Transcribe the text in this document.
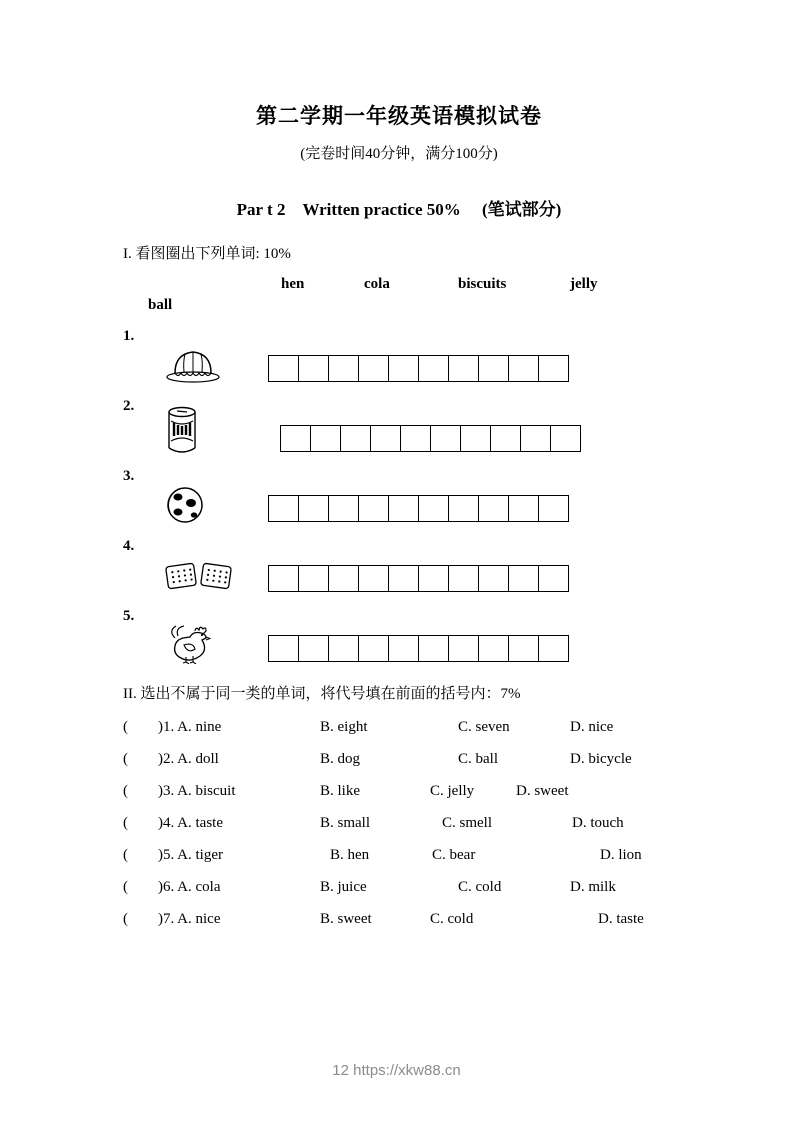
第二学期一年级英语模拟试卷
(完卷时间40分钟，满分100分)
Par t 2　Written practice 50%　 (笔试部分)
I. 看图圈出下列单词: 10%
hen	cola	biscuits	jelly
ball
1.
2.
3.
4.
5.
II. 选出不属于同一类的单词，将代号填在前面的括号内：7%
( ) 1. A. nine	B. eight	C. seven	D. nice
( ) 2. A. doll	B. dog	C. ball	D. bicycle
( ) 3. A. biscuit	B. like	C. jelly	D. sweet
( ) 4. A. taste	B. small	C. smell	D. touch
( ) 5. A. tiger	B. hen	C. bear	D. lion
( ) 6. A. cola	B. juice	C. cold	D. milk
( ) 7. A. nice	B. sweet	C. cold	D. taste
12 https://xkw88.cn
